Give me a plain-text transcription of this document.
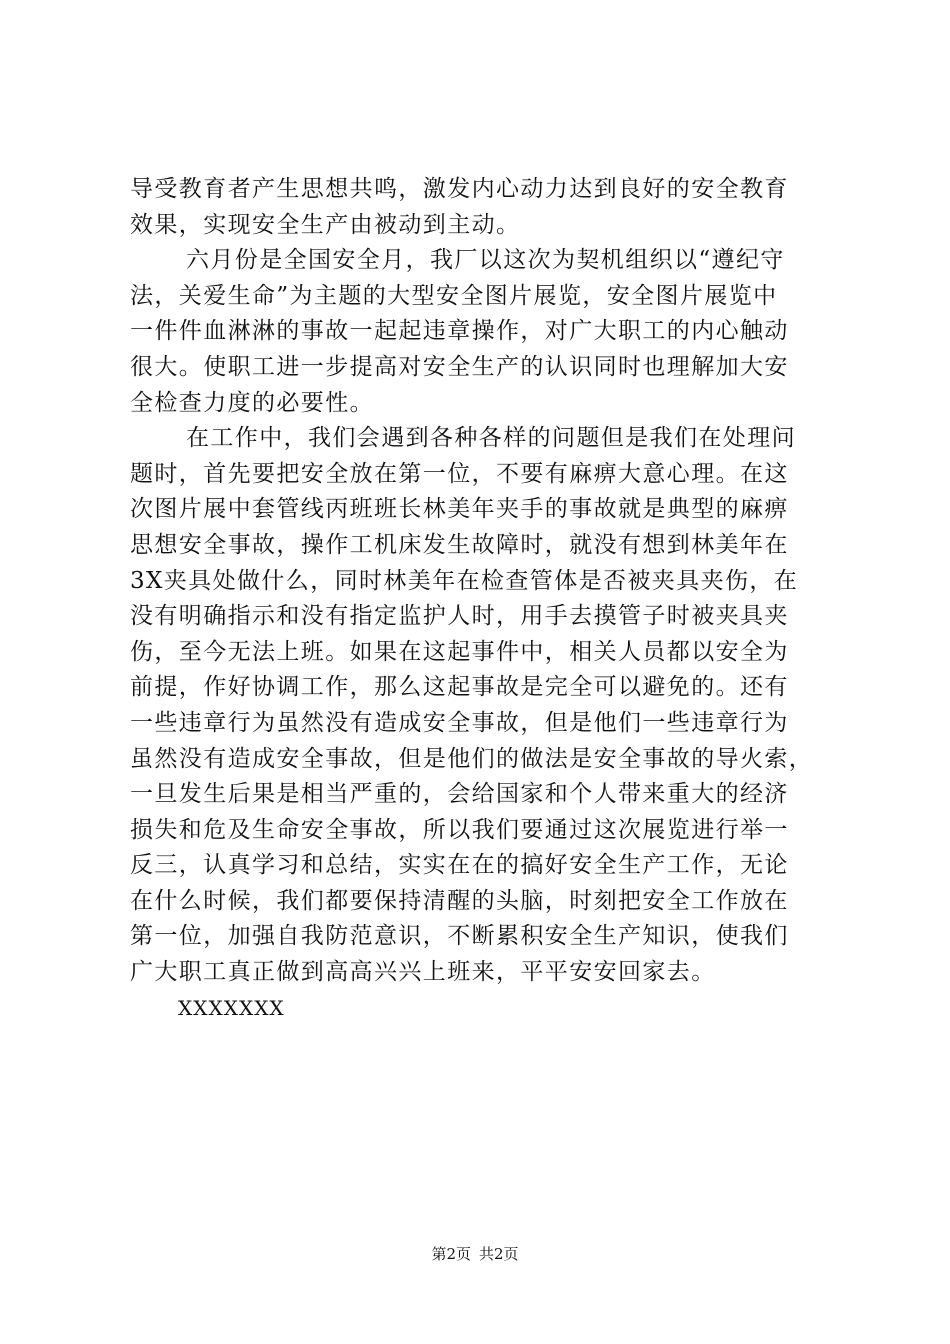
导受教育者产生思想共鸣，激发内心动力达到良好的安全教育
效果，实现安全生产由被动到主动。
六月份是全国安全月，我厂以这次为契机组织以“遵纪守
法，关爱生命”为主题的大型安全图片展览，安全图片展览中
一件件血淋淋的事故一起起违章操作，对广大职工的内心触动
很大。使职工进一步提高对安全生产的认识同时也理解加大安
全检查力度的必要性。
在工作中，我们会遇到各种各样的问题但是我们在处理问
题时，首先要把安全放在第一位，不要有麻痹大意心理。在这
次图片展中套管线丙班班长林美年夹手的事故就是典型的麻痹
思想安全事故，操作工机床发生故障时，就没有想到林美年在
3X夹具处做什么，同时林美年在检查管体是否被夹具夹伤，在
没有明确指示和没有指定监护人时，用手去摸管子时被夹具夹
伤，至今无法上班。如果在这起事件中，相关人员都以安全为
前提，作好协调工作，那么这起事故是完全可以避免的。还有
一些违章行为虽然没有造成安全事故，但是他们一些违章行为
虽然没有造成安全事故，但是他们的做法是安全事故的导火索，
一旦发生后果是相当严重的，会给国家和个人带来重大的经济
损失和危及生命安全事故，所以我们要通过这次展览进行举一
反三，认真学习和总结，实实在在的搞好安全生产工作，无论
在什么时候，我们都要保持清醒的头脑，时刻把安全工作放在
第一位，加强自我防范意识，不断累积安全生产知识，使我们
广大职工真正做到高高兴兴上班来，平平安安回家去。
XXXXXXX
第2页 共2页
